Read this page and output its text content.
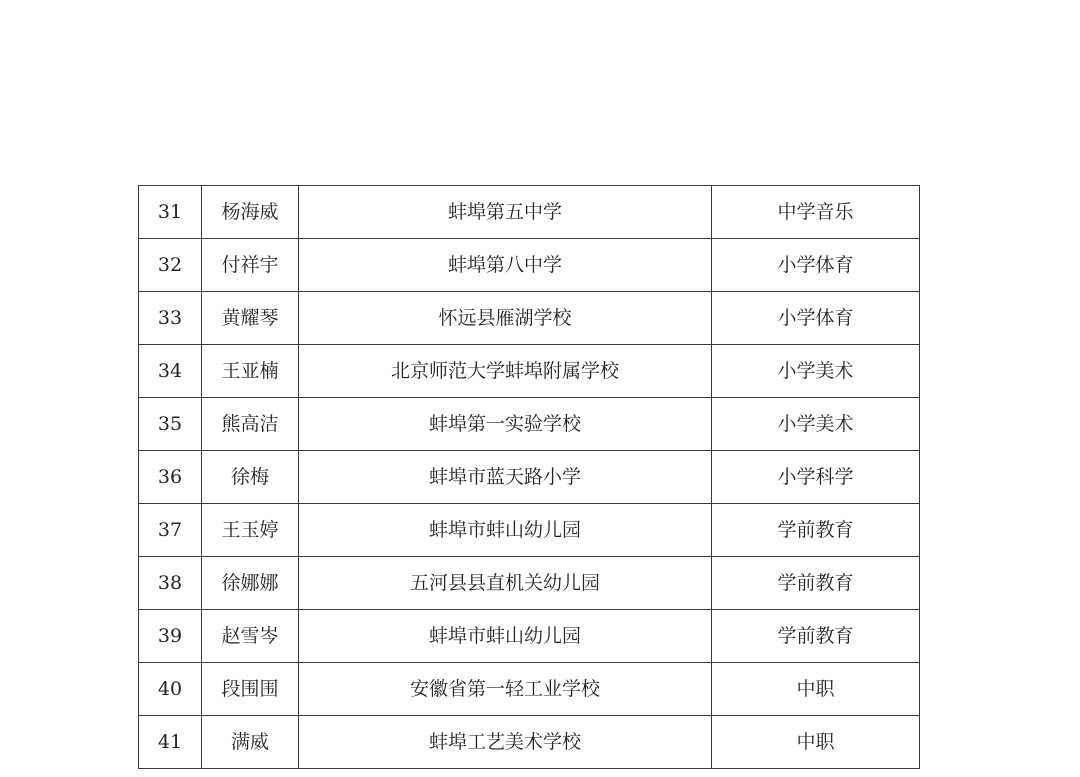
31	杨海威	蚌埠第五中学	中学音乐
32	付祥宇	蚌埠第八中学	小学体育
33	黄耀琴	怀远县雁湖学校	小学体育
34	王亚楠	北京师范大学蚌埠附属学校	小学美术
35	熊高洁	蚌埠第一实验学校	小学美术
36	徐梅	蚌埠市蓝天路小学	小学科学
37	王玉婷	蚌埠市蚌山幼儿园	学前教育
38	徐娜娜	五河县县直机关幼儿园	学前教育
39	赵雪岑	蚌埠市蚌山幼儿园	学前教育
40	段围围	安徽省第一轻工业学校	中职
41	满威	蚌埠工艺美术学校	中职
